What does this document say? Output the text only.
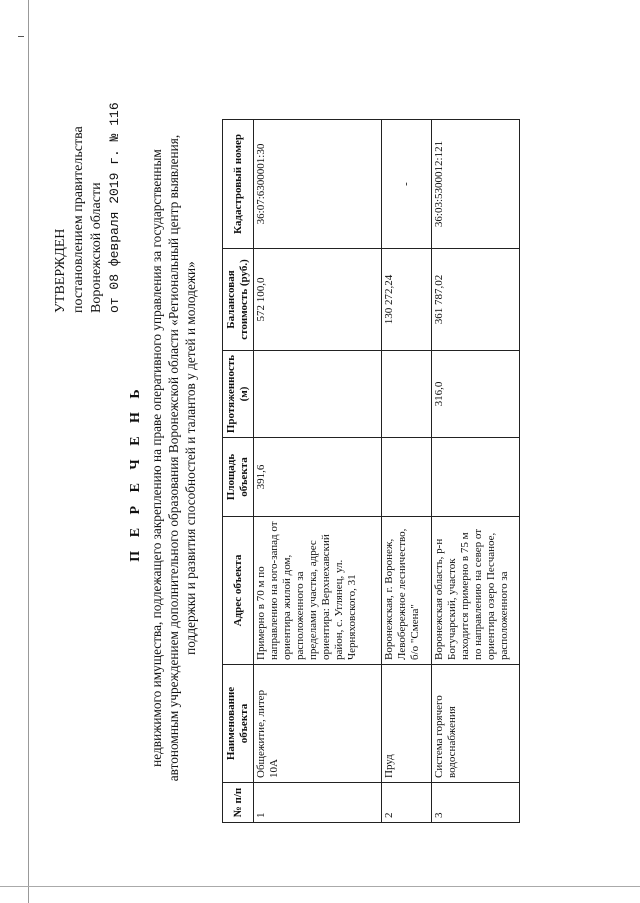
УТВЕРЖДЕН постановлением правительства Воронежской области от 08 февраля 2019 г. № 116
П Е Р Е Ч Е Н Ь недвижимого имущества, подлежащего закреплению на праве оперативного управления за государственным автономным учреждением дополнительного образования Воронежской области «Региональный центр выявления, поддержки и развития способностей и талантов у детей и молодежи»
№ п/п	Наименование объекта	Адрес объекта	Площадь объекта	Протяженность (м)	Балансовая стоимость (руб.)	Кадастровый номер
1	Общежитие, литер 10А	Примерно в 70 м по направлению на юго-запад от ориентира жилой дом, расположенного за пределами участка, адрес ориентира: Верхнехавский район, с. Углянец, ул. Черняховского, 31	391,6		572 100,0	36:07:6300001:30
2	Пруд	Воронежская, г. Воронеж, Левобережное лесничество, б/о "Смена"			130 272,24	-
3	Система горячего водоснабжения	Воронежская область, р-н Богучарский, участок находится примерно в 75 м по направлению на север от ориентира озеро Песчаное, расположенного за		316,0	361 787,02	36:03:5300012:121
